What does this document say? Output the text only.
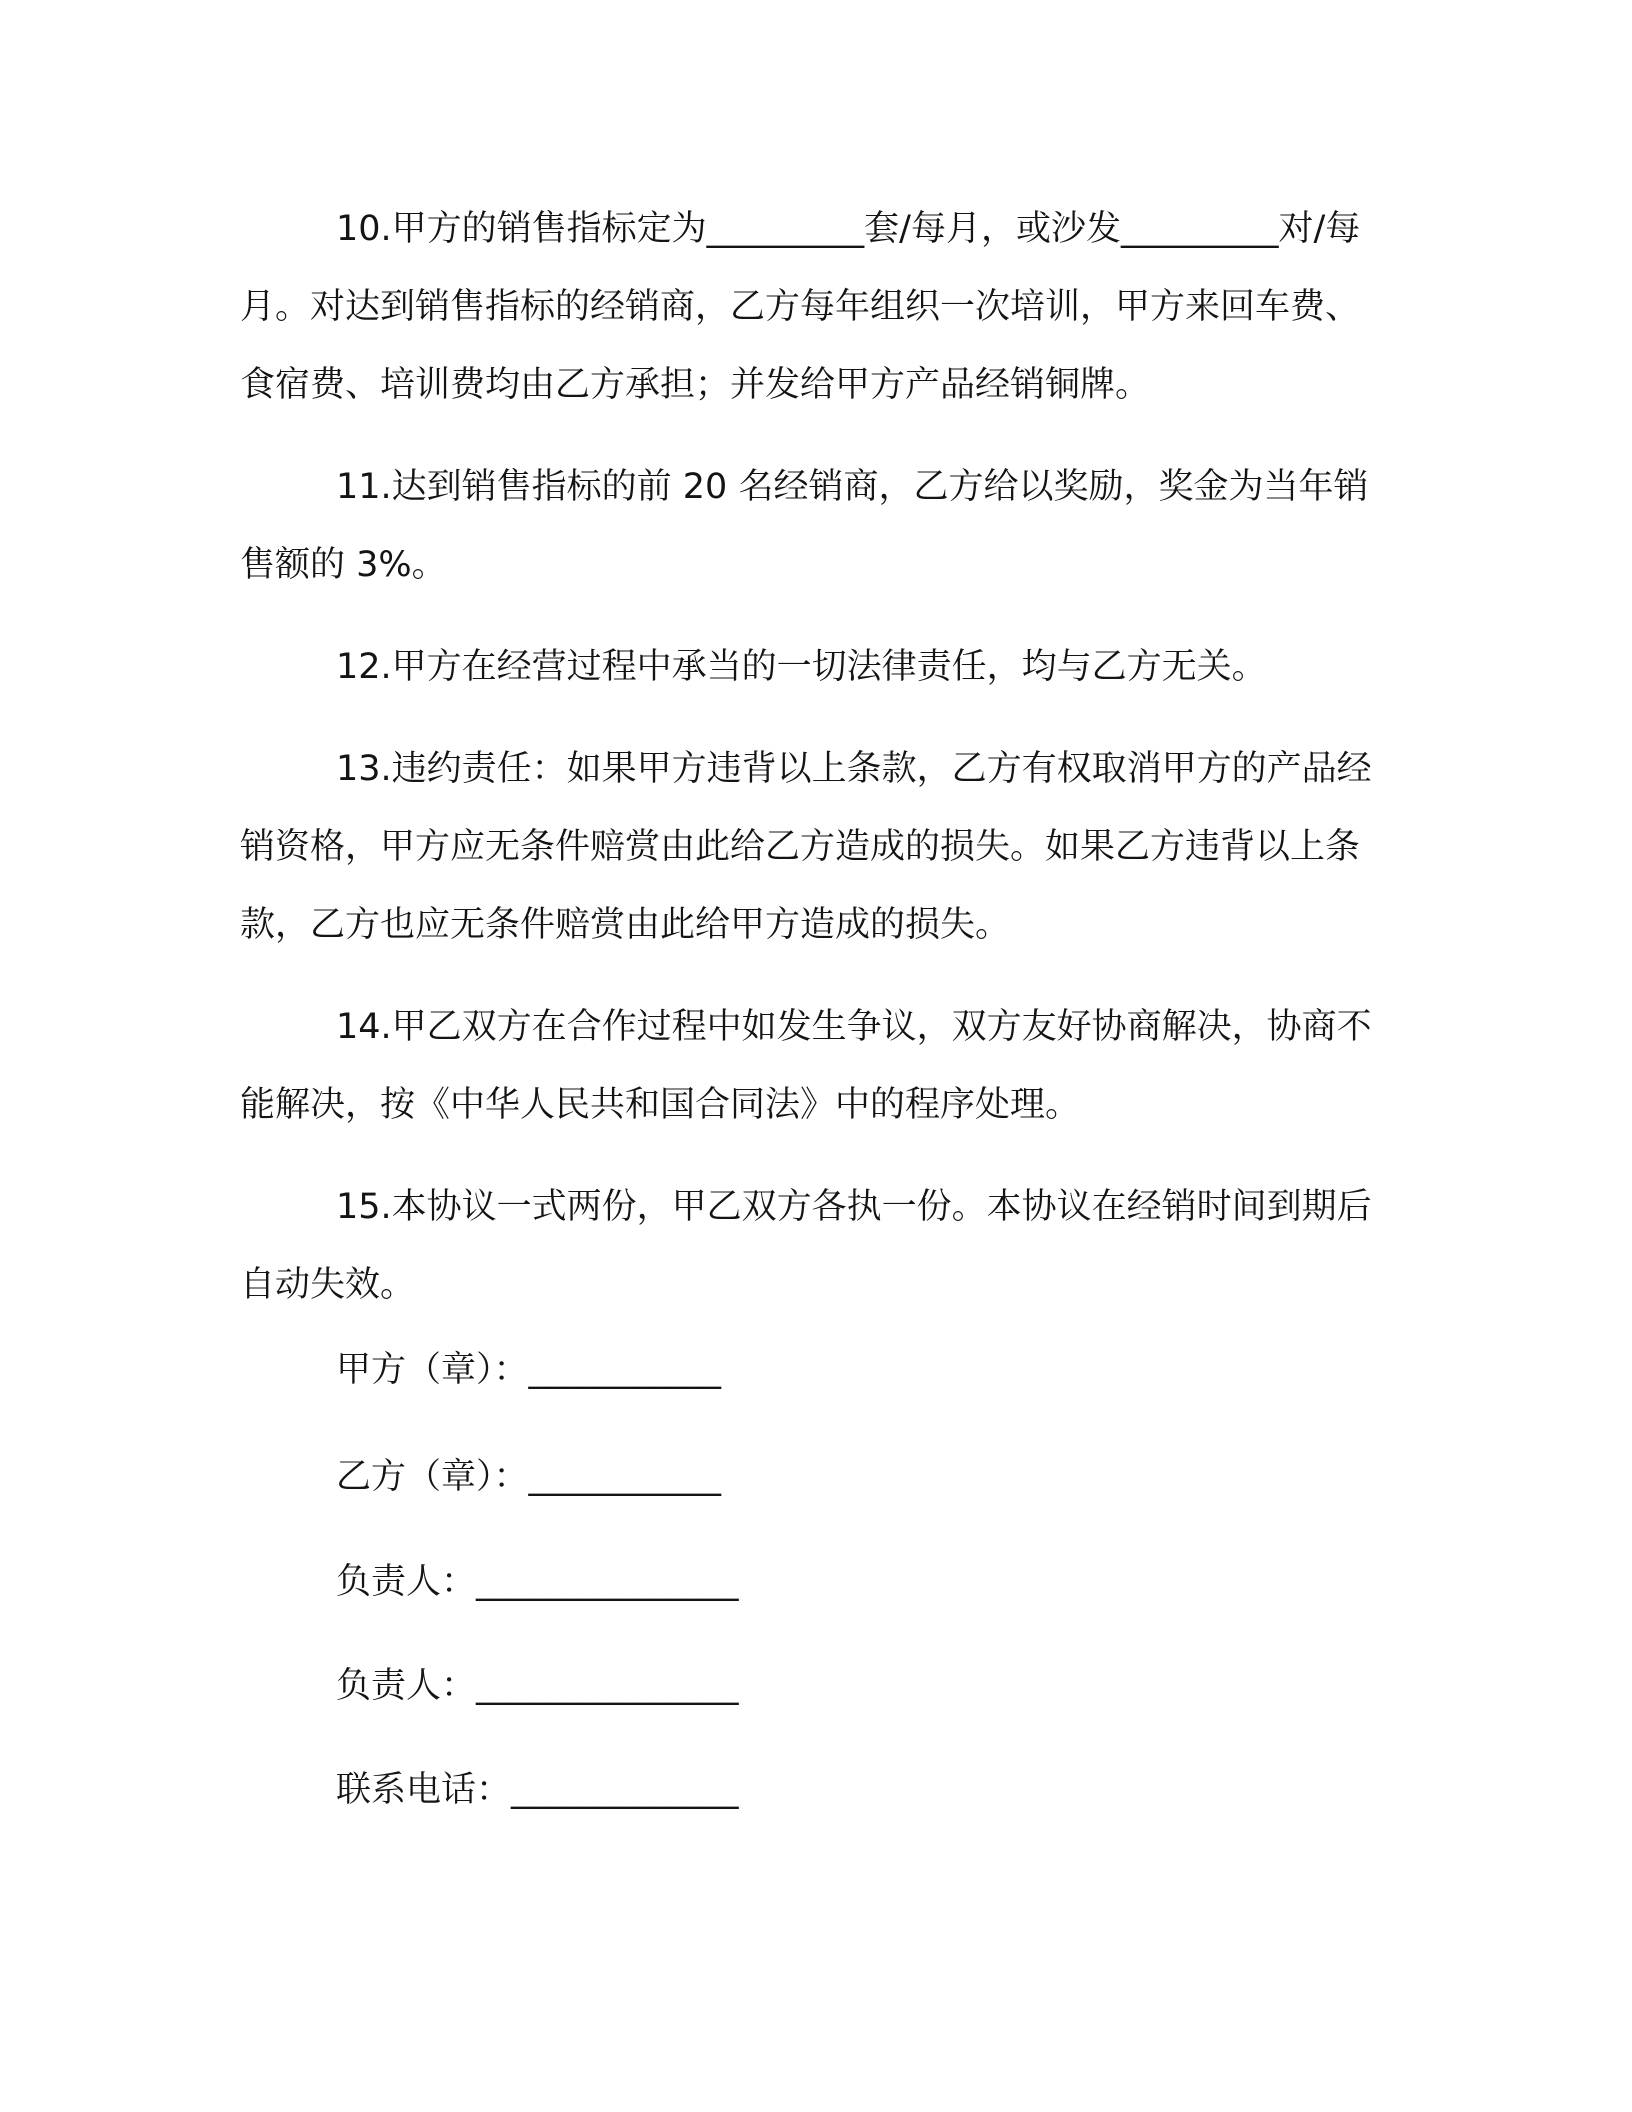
10.甲方的销售指标定为_________套/每月，或沙发_________对/每月。对达到销售指标的经销商，乙方每年组织一次培训，甲方来回车费、食宿费、培训费均由乙方承担；并发给甲方产品经销铜牌。

11.达到销售指标的前 20 名经销商，乙方给以奖励，奖金为当年销售额的 3%。

12.甲方在经营过程中承当的一切法律责任，均与乙方无关。

13.违约责任：如果甲方违背以上条款，乙方有权取消甲方的产品经销资格，甲方应无条件赔赏由此给乙方造成的损失。如果乙方违背以上条款，乙方也应无条件赔赏由此给甲方造成的损失。

14.甲乙双方在合作过程中如发生争议，双方友好协商解决，协商不能解决，按《中华人民共和国合同法》中的程序处理。

15.本协议一式两份，甲乙双方各执一份。本协议在经销时间到期后自动失效。

甲方（章）：___________
乙方（章）：___________
负责人：_______________
负责人：_______________
联系电话：_____________
